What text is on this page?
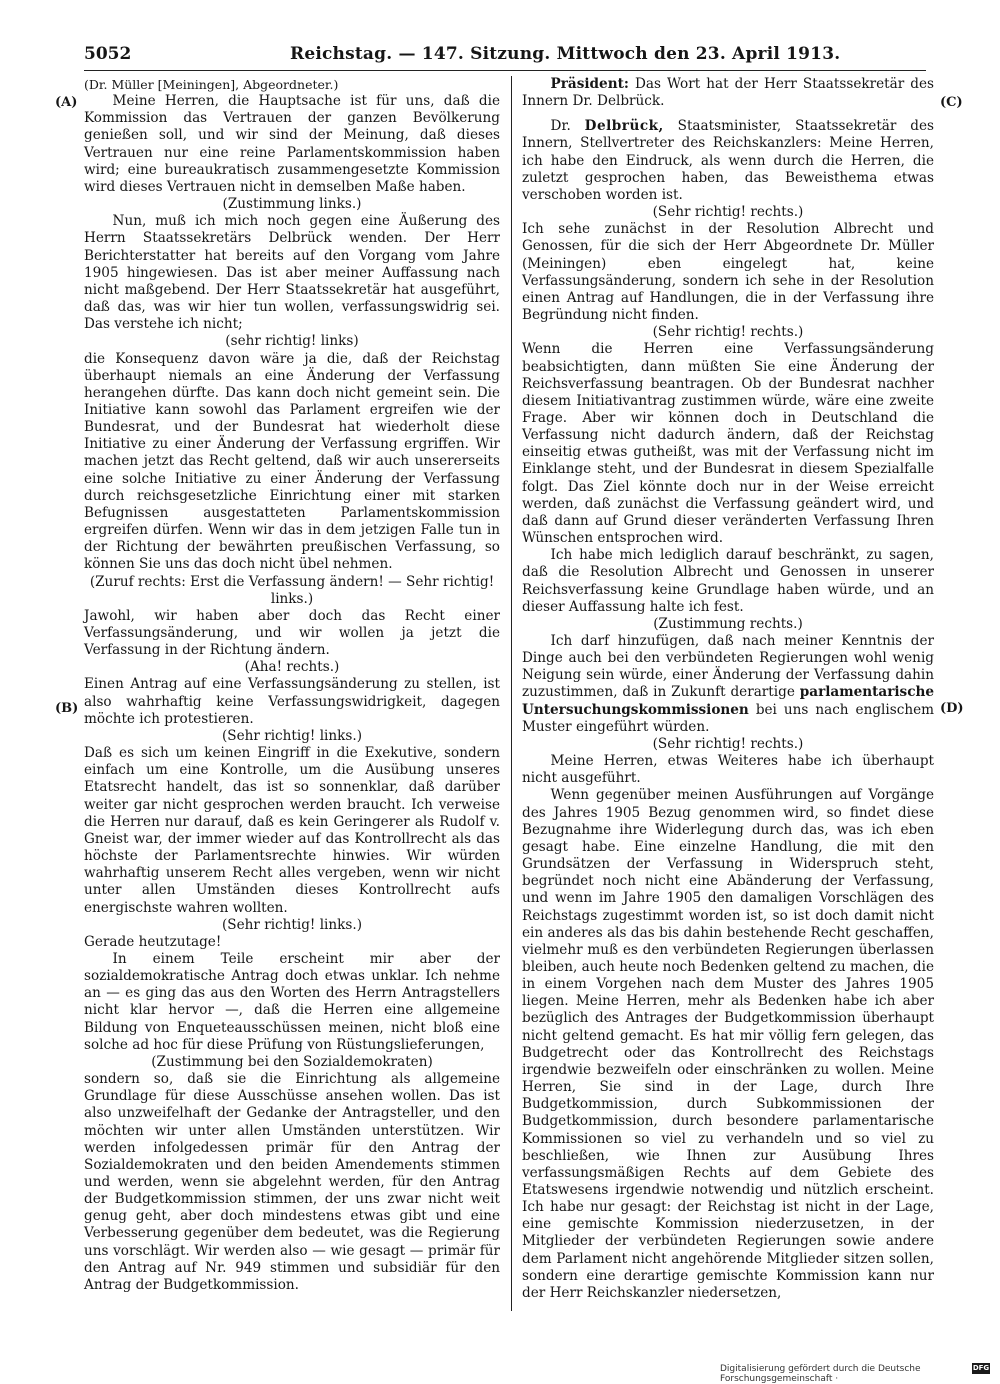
5052	Reichstag. — 147. Sitzung. Mittwoch den 23. April 1913.
(A)
(B)
(C)
(D)

(Dr. Müller [Meiningen], Abgeordneter.)

Meine Herren, die Hauptsache ist für uns, daß die Kommission das Vertrauen der ganzen Bevölkerung genießen soll, und wir sind der Meinung, daß dieses Vertrauen nur eine reine Parlamentskommission haben wird; eine bureaukratisch zusammengesetzte Kommission wird dieses Vertrauen nicht in demselben Maße haben.

(Zustimmung links.)

Nun, muß ich mich noch gegen eine Äußerung des Herrn Staatssekretärs Delbrück wenden. Der Herr Berichterstatter hat bereits auf den Vorgang vom Jahre 1905 hingewiesen. Das ist aber meiner Auffassung nach nicht maßgebend. Der Herr Staatssekretär hat ausgeführt, daß das, was wir hier tun wollen, verfassungswidrig sei. Das verstehe ich nicht;

(sehr richtig! links)

die Konsequenz davon wäre ja die, daß der Reichstag überhaupt niemals an eine Änderung der Verfassung herangehen dürfte. Das kann doch nicht gemeint sein. Die Initiative kann sowohl das Parlament ergreifen wie der Bundesrat, und der Bundesrat hat wiederholt diese Initiative zu einer Änderung der Verfassung ergriffen. Wir machen jetzt das Recht geltend, daß wir auch unsererseits eine solche Initiative zu einer Änderung der Verfassung durch reichsgesetzliche Einrichtung einer mit starken Befugnissen ausgestatteten Parlamentskommission ergreifen dürfen. Wenn wir das in dem jetzigen Falle tun in der Richtung der bewährten preußischen Verfassung, so können Sie uns das doch nicht übel nehmen.

(Zuruf rechts: Erst die Verfassung ändern! — Sehr richtig! links.)

Jawohl, wir haben aber doch das Recht einer Verfassungsänderung, und wir wollen ja jetzt die Verfassung in der Richtung ändern.

(Aha! rechts.)

Einen Antrag auf eine Verfassungsänderung zu stellen, ist also wahrhaftig keine Verfassungswidrigkeit, dagegen möchte ich protestieren.

(Sehr richtig! links.)

Daß es sich um keinen Eingriff in die Exekutive, sondern einfach um eine Kontrolle, um die Ausübung unseres Etatsrecht handelt, das ist so sonnenklar, daß darüber weiter gar nicht gesprochen werden braucht. Ich verweise die Herren nur darauf, daß es kein Geringerer als Rudolf v. Gneist war, der immer wieder auf das Kontrollrecht als das höchste der Parlamentsrechte hinwies. Wir würden wahrhaftig unserem Recht alles vergeben, wenn wir nicht unter allen Umständen dieses Kontrollrecht aufs energischste wahren wollten.

(Sehr richtig! links.)

Gerade heutzutage!

In einem Teile erscheint mir aber der sozialdemokratische Antrag doch etwas unklar. Ich nehme an — es ging das aus den Worten des Herrn Antragstellers nicht klar hervor —, daß die Herren eine allgemeine Bildung von Enqueteausschüssen meinen, nicht bloß eine solche ad hoc für diese Prüfung von Rüstungslieferungen,

(Zustimmung bei den Sozialdemokraten)

sondern so, daß sie die Einrichtung als allgemeine Grundlage für diese Ausschüsse ansehen wollen. Das ist also unzweifelhaft der Gedanke der Antragsteller, und den möchten wir unter allen Umständen unterstützen. Wir werden infolgedessen primär für den Antrag der Sozialdemokraten und den beiden Amendements stimmen und werden, wenn sie abgelehnt werden, für den Antrag der Budgetkommission stimmen, der uns zwar nicht weit genug geht, aber doch mindestens etwas gibt und eine Verbesserung gegenüber dem bedeutet, was die Regierung uns vorschlägt. Wir werden also — wie gesagt — primär für den Antrag auf Nr. 949 stimmen und subsidiär für den Antrag der Budgetkommission.

Präsident: Das Wort hat der Herr Staatssekretär des Innern Dr. Delbrück.

Dr. Delbrück, Staatsminister, Staatssekretär des Innern, Stellvertreter des Reichskanzlers: Meine Herren, ich habe den Eindruck, als wenn durch die Herren, die zuletzt gesprochen haben, das Beweisthema etwas verschoben worden ist.

(Sehr richtig! rechts.)

Ich sehe zunächst in der Resolution Albrecht und Genossen, für die sich der Herr Abgeordnete Dr. Müller (Meiningen) eben eingelegt hat, keine Verfassungsänderung, sondern ich sehe in der Resolution einen Antrag auf Handlungen, die in der Verfassung ihre Begründung nicht finden.

(Sehr richtig! rechts.)

Wenn die Herren eine Verfassungsänderung beabsichtigten, dann müßten Sie eine Änderung der Reichsverfassung beantragen. Ob der Bundesrat nachher diesem Initiativantrag zustimmen würde, wäre eine zweite Frage. Aber wir können doch in Deutschland die Verfassung nicht dadurch ändern, daß der Reichstag einseitig etwas gutheißt, was mit der Verfassung nicht im Einklange steht, und der Bundesrat in diesem Spezialfalle folgt. Das Ziel könnte doch nur in der Weise erreicht werden, daß zunächst die Verfassung geändert wird, und daß dann auf Grund dieser veränderten Verfassung Ihren Wünschen entsprochen wird.

Ich habe mich lediglich darauf beschränkt, zu sagen, daß die Resolution Albrecht und Genossen in unserer Reichsverfassung keine Grundlage haben würde, und an dieser Auffassung halte ich fest.

(Zustimmung rechts.)

Ich darf hinzufügen, daß nach meiner Kenntnis der Dinge auch bei den verbündeten Regierungen wohl wenig Neigung sein würde, einer Änderung der Verfassung dahin zuzustimmen, daß in Zukunft derartige parlamentarische Untersuchungskommissionen bei uns nach englischem Muster eingeführt würden.

(Sehr richtig! rechts.)

Meine Herren, etwas Weiteres habe ich überhaupt nicht ausgeführt.

Wenn gegenüber meinen Ausführungen auf Vorgänge des Jahres 1905 Bezug genommen wird, so findet diese Bezugnahme ihre Widerlegung durch das, was ich eben gesagt habe. Eine einzelne Handlung, die mit den Grundsätzen der Verfassung in Widerspruch steht, begründet noch nicht eine Abänderung der Verfassung, und wenn im Jahre 1905 den damaligen Vorschlägen des Reichstags zugestimmt worden ist, so ist doch damit nicht ein anderes als das bis dahin bestehende Recht geschaffen, vielmehr muß es den verbündeten Regierungen überlassen bleiben, auch heute noch Bedenken geltend zu machen, die in einem Vorgehen nach dem Muster des Jahres 1905 liegen. Meine Herren, mehr als Bedenken habe ich aber bezüglich des Antrages der Budgetkommission überhaupt nicht geltend gemacht. Es hat mir völlig fern gelegen, das Budgetrecht oder das Kontrollrecht des Reichstags irgendwie bezweifeln oder einschränken zu wollen. Meine Herren, Sie sind in der Lage, durch Ihre Budgetkommission, durch Subkommissionen der Budgetkommission, durch besondere parlamentarische Kommissionen so viel zu verhandeln und so viel zu beschließen, wie Ihnen zur Ausübung Ihres verfassungsmäßigen Rechts auf dem Gebiete des Etatswesens irgendwie notwendig und nützlich erscheint. Ich habe nur gesagt: der Reichstag ist nicht in der Lage, eine gemischte Kommission niederzusetzen, in der Mitglieder der verbündeten Regierungen sowie andere dem Parlament nicht angehörende Mitglieder sitzen sollen, sondern eine derartige gemischte Kommission kann nur der Herr Reichskanzler niedersetzen,

Digitalisierung gefördert durch die Deutsche Forschungsgemeinschaft ·
DFG
